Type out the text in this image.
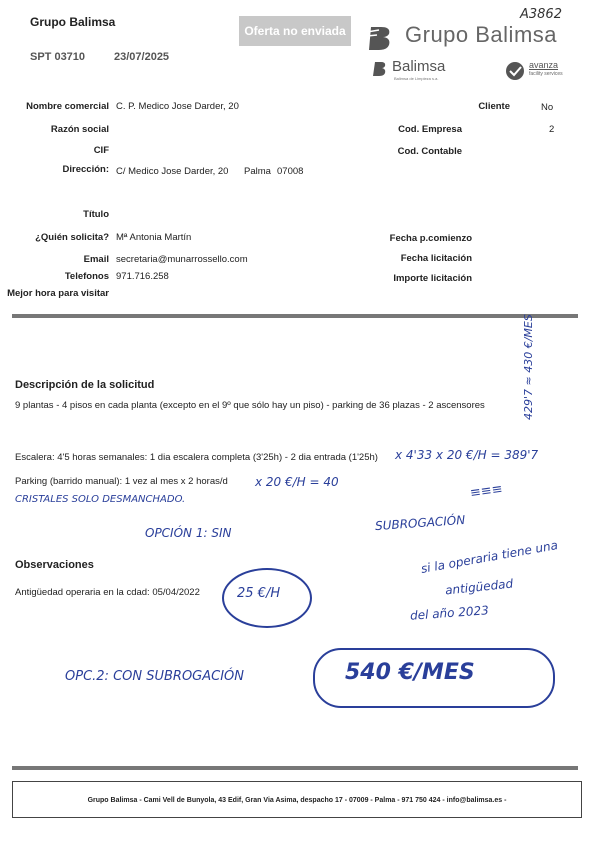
Grupo Balimsa
SPT 03710	23/07/2025
Oferta no enviada
A3862
Grupo Balimsa
Balimsa
Balimsa de Limpieza s.a.
avanza
facility services
Nombre comercial C. P. Medico Jose Darder, 20
Razón social
CIF
Dirección: C/ Medico Jose Darder, 20 Palma 07008
Título
¿Quién solicita? Mª Antonia Martín
Email secretaria@munarrossello.com
Telefonos 971.716.258
Mejor hora para visitar
Cliente	No
Cod. Empresa	2
Cod. Contable
Fecha p.comienzo
Fecha licitación
Importe licitación
Descripción de la solicitud
9 plantas - 4 pisos en cada planta (excepto en el 9º que sólo hay un piso) - parking de 36 plazas - 2 ascensores
Escalera: 4'5 horas semanales: 1 dia escalera completa (3'25h) - 2 dia entrada (1'25h)
Parking (barrido manual): 1 vez al mes x 2 horas/d
x 4'33 x 20 €/H = 389'7
x 20 €/H = 40
CRISTALES SOLO DESMANCHADO.
OPCIÓN 1: SIN	SUBROGACIÓN
≡≡≡
429'7 ≈ 430 €/MES
Observaciones
Antigüedad operaria en la cdad: 05/04/2022	25 €/H
si la operaria tiene una
antigüedad
del año 2023
OPC.2: CON SUBROGACIÓN	540 €/MES
Grupo Balimsa - Cami Vell de Bunyola, 43 Edif, Gran Via Asima, despacho 17 - 07009 - Palma - 971 750 424 - info@balimsa.es -
